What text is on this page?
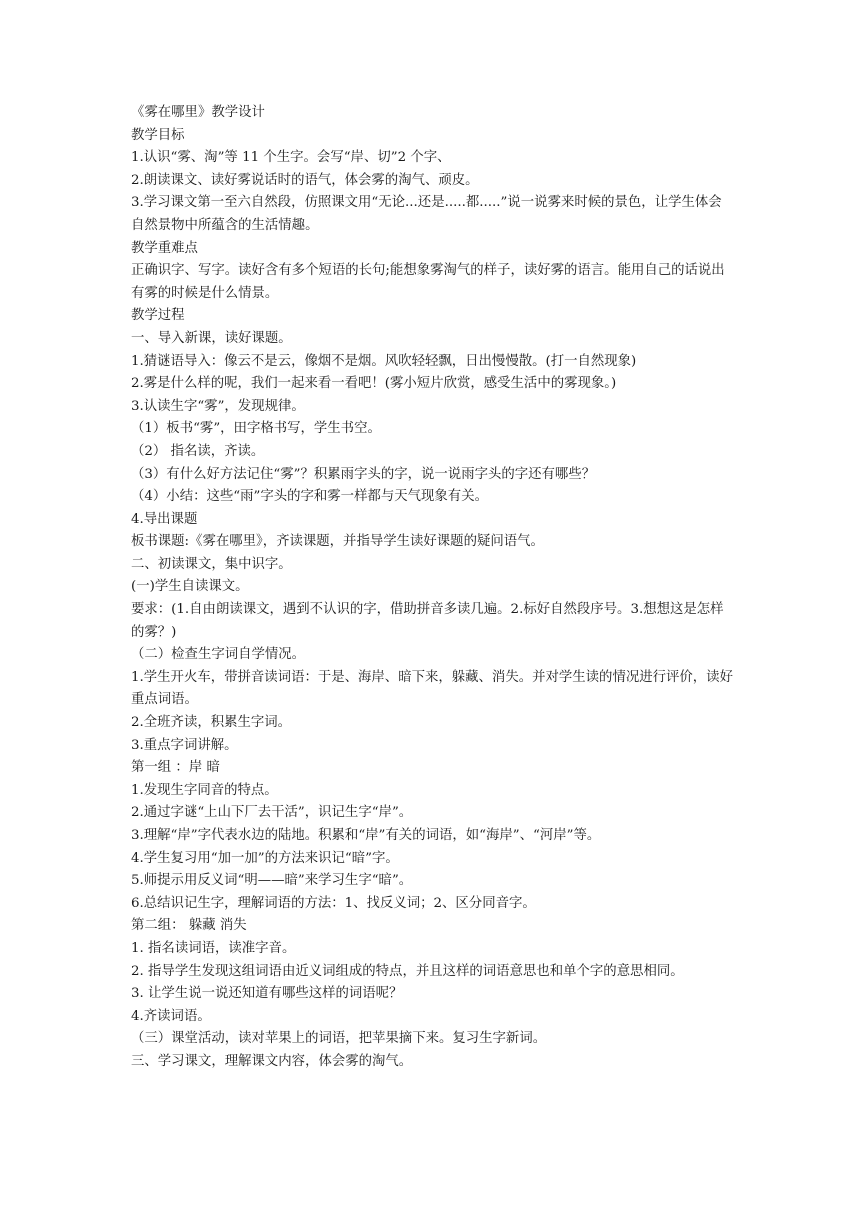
《雾在哪里》教学设计

教学目标

1.认识“雾、淘”等 11 个生字。会写“岸、切”2 个字、

2.朗读课文、读好雾说话时的语气，体会雾的淘气、顽皮。

3.学习课文第一至六自然段，仿照课文用“无论...还是.....都.....”说一说雾来时候的景色，让学生体会自然景物中所蕴含的生活情趣。

教学重难点

正确识字、写字。读好含有多个短语的长句;能想象雾淘气的样子，读好雾的语言。能用自己的话说出有雾的时候是什么情景。

教学过程

一、导入新课，读好课题。

1.猜谜语导入：像云不是云，像烟不是烟。风吹轻轻飘，日出慢慢散。(打一自然现象)

2.雾是什么样的呢，我们一起来看一看吧！(雾小短片欣赏，感受生活中的雾现象。)

3.认读生字“雾”，发现规律。

（1）板书“雾”，田字格书写，学生书空。

（2） 指名读，齐读。

（3）有什么好方法记住“雾”？积累雨字头的字，说一说雨字头的字还有哪些？

（4）小结：这些“雨”字头的字和雾一样都与天气现象有关。

4.导出课题

板书课题:《雾在哪里》，齐读课题，并指导学生读好课题的疑问语气。

二、初读课文，集中识字。

(一)学生自读课文。

要求：(1.自由朗读课文，遇到不认识的字，借助拼音多读几遍。2.标好自然段序号。3.想想这是怎样的雾？)

（二）检查生字词自学情况。

1.学生开火车，带拼音读词语：于是、海岸、暗下来，躲藏、消失。并对学生读的情况进行评价，读好重点词语。

2.全班齐读，积累生字词。

3.重点字词讲解。

第一组 ：岸 暗

1.发现生字同音的特点。

2.通过字谜“上山下厂去干活”，识记生字“岸”。

3.理解“岸”字代表水边的陆地。积累和“岸”有关的词语，如“海岸”、“河岸”等。

4.学生复习用“加一加”的方法来识记“暗”字。

5.师提示用反义词“明——暗”来学习生字“暗”。

6.总结识记生字，理解词语的方法：1、找反义词；2、区分同音字。

第二组： 躲藏 消失

1. 指名读词语，读准字音。

2. 指导学生发现这组词语由近义词组成的特点，并且这样的词语意思也和单个字的意思相同。

3. 让学生说一说还知道有哪些这样的词语呢？

4.齐读词语。

（三）课堂活动，读对苹果上的词语，把苹果摘下来。复习生字新词。

三、学习课文，理解课文内容，体会雾的淘气。
